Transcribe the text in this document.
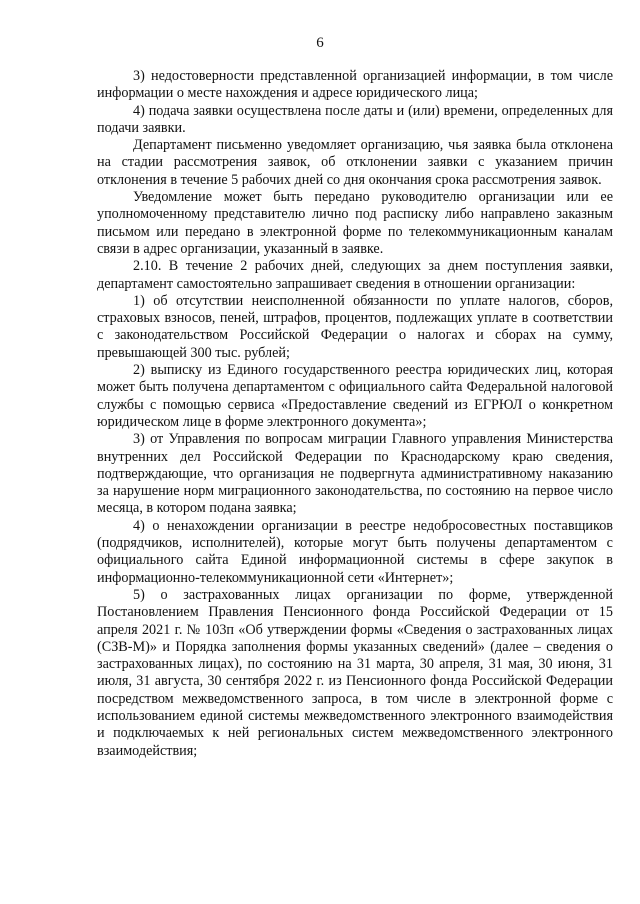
6

3) недостоверности представленной организацией информации, в том числе информации о месте нахождения и адресе юридического лица;

4) подача заявки осуществлена после даты и (или) времени, определенных для подачи заявки.

Департамент письменно уведомляет организацию, чья заявка была отклонена на стадии рассмотрения заявок, об отклонении заявки с указанием причин отклонения в течение 5 рабочих дней со дня окончания срока рассмотрения заявок.

Уведомление может быть передано руководителю организации или ее уполномоченному представителю лично под расписку либо направлено заказным письмом или передано в электронной форме по телекоммуникационным каналам связи в адрес организации, указанный в заявке.

2.10. В течение 2 рабочих дней, следующих за днем поступления заявки, департамент самостоятельно запрашивает сведения в отношении организации:

1) об отсутствии неисполненной обязанности по уплате налогов, сборов, страховых взносов, пеней, штрафов, процентов, подлежащих уплате в соответствии с законодательством Российской Федерации о налогах и сборах на сумму, превышающей 300 тыс. рублей;

2) выписку из Единого государственного реестра юридических лиц, которая может быть получена департаментом с официального сайта Федеральной налоговой службы с помощью сервиса «Предоставление сведений из ЕГРЮЛ о конкретном юридическом лице в форме электронного документа»;

3) от Управления по вопросам миграции Главного управления Министерства внутренних дел Российской Федерации по Краснодарскому краю сведения, подтверждающие, что организация не подвергнута административному наказанию за нарушение норм миграционного законодательства, по состоянию на первое число месяца, в котором подана заявка;

4) о ненахождении организации в реестре недобросовестных поставщиков (подрядчиков, исполнителей), которые могут быть получены департаментом с официального сайта Единой информационной системы в сфере закупок в информационно-телекоммуникационной сети «Интернет»;

5) о застрахованных лицах организации по форме, утвержденной Постановлением Правления Пенсионного фонда Российской Федерации от 15 апреля 2021 г. № 103п «Об утверждении формы «Сведения о застрахованных лицах (СЗВ-М)» и Порядка заполнения формы указанных сведений» (далее – сведения о застрахованных лицах), по состоянию на 31 марта, 30 апреля, 31 мая, 30 июня, 31 июля, 31 августа, 30 сентября 2022 г. из Пенсионного фонда Российской Федерации посредством межведомственного запроса, в том числе в электронной форме с использованием единой системы межведомственного электронного взаимодействия и подключаемых к ней региональных систем межведомственного электронного взаимодействия;
